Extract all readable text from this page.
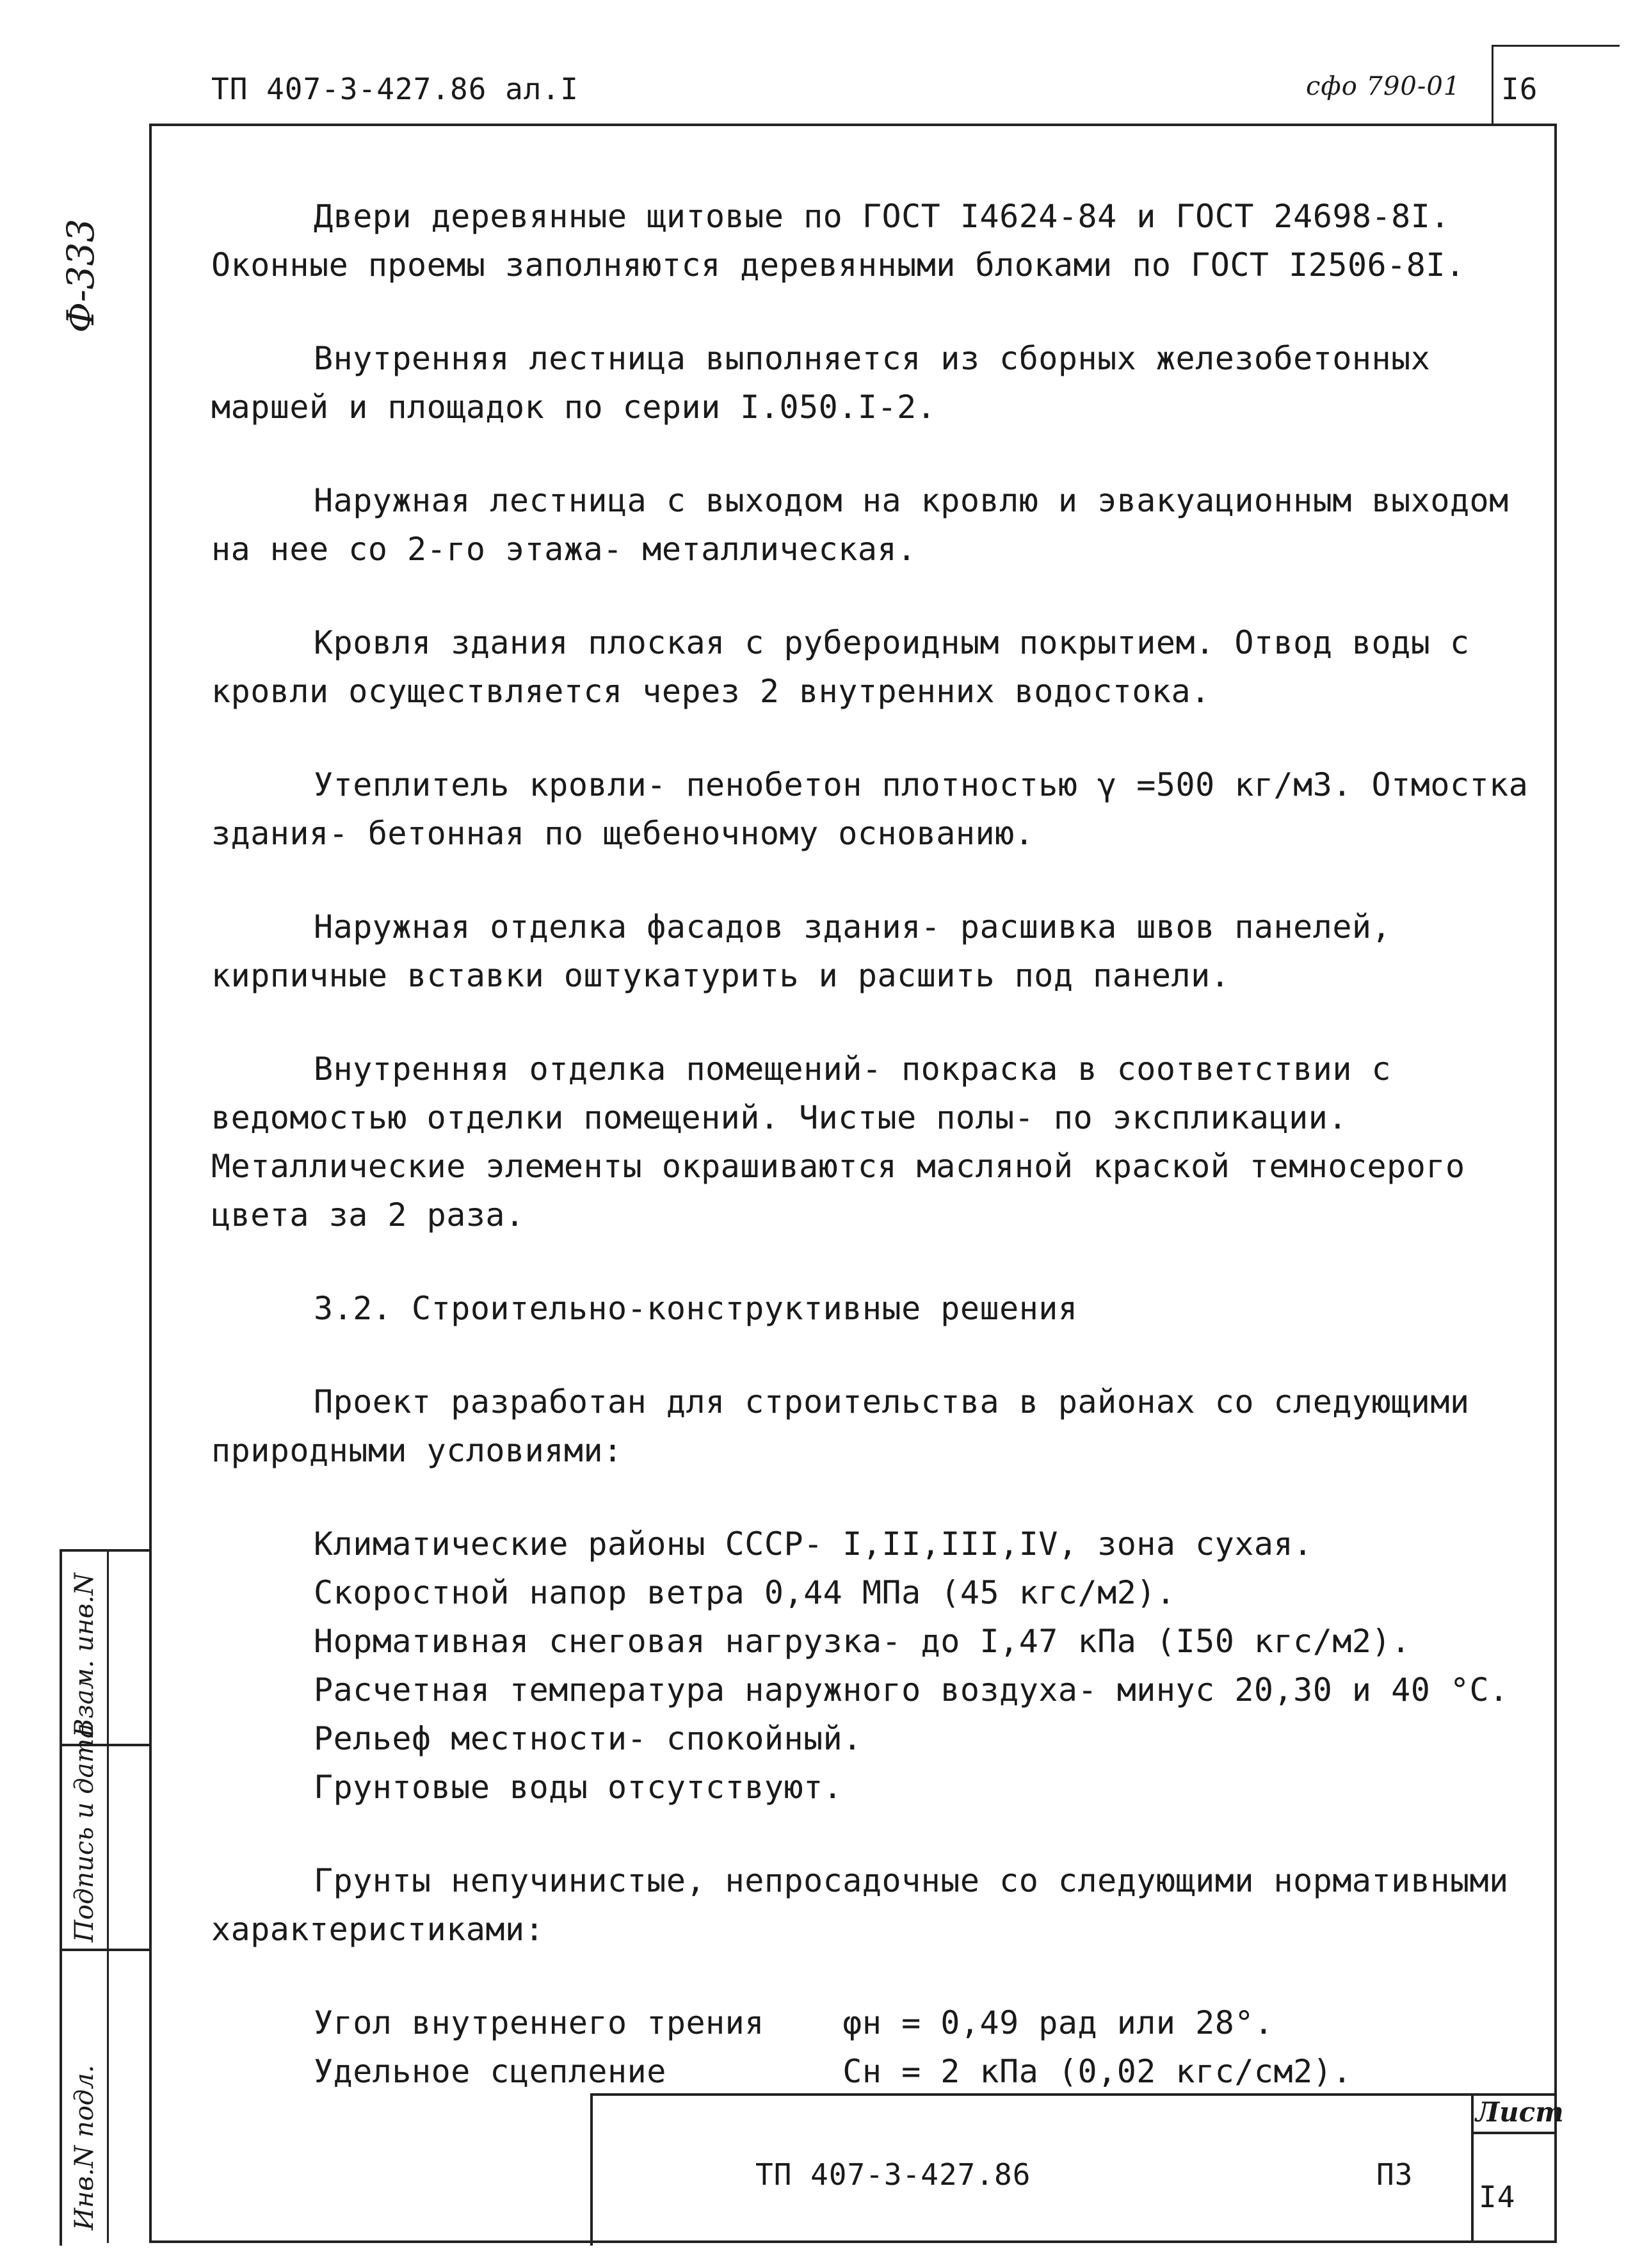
ТП 407-3-427.86 ал.I	сфо 790-01 I6
Ф-333

Двери деревянные щитовые по ГОСТ I4624-84 и ГОСТ 24698-8I. Оконные проемы заполняются деревянными блоками по ГОСТ I2506-8I.

Внутренняя лестница выполняется из сборных железобетонных маршей и площадок по серии I.050.I-2.

Наружная лестница с выходом на кровлю и эвакуационным выходом на нее со 2-го этажа- металлическая.

Кровля здания плоская с рубероидным покрытием. Отвод воды с кровли осуществляется через 2 внутренних водостока.

Утеплитель кровли- пенобетон плотностью γ =500 кг/м3. Отмостка здания- бетонная по щебеночному основанию.

Наружная отделка фасадов здания- расшивка швов панелей, кирпичные вставки оштукатурить и расшить под панели.

Внутренняя отделка помещений- покраска в соответствии с ведомостью отделки помещений. Чистые полы- по экспликации. Металлические элементы окрашиваются масляной краской темносерого цвета за 2 раза.

3.2. Строительно-конструктивные решения

Проект разработан для строительства в районах со следующими природными условиями:

Климатические районы СССР- I,II,III,IV, зона сухая.
Скоростной напор ветра 0,44 МПа (45 кгс/м2).
Нормативная снеговая нагрузка- до I,47 кПа (I50 кгс/м2).
Расчетная температура наружного воздуха- минус 20,30 и 40 °С.
Рельеф местности- спокойный.
Грунтовые воды отсутствуют.

Грунты непучинистые, непросадочные со следующими нормативными характеристиками:

Угол внутреннего трения    φн = 0,49 рад или 28°.
Удельное сцепление         Сн = 2 кПа (0,02 кгс/см2).
Взам. инв.N
Подпись и дата
Инв.N подл.	ТП 407-3-427.86	ПЗ
Лист
I4
